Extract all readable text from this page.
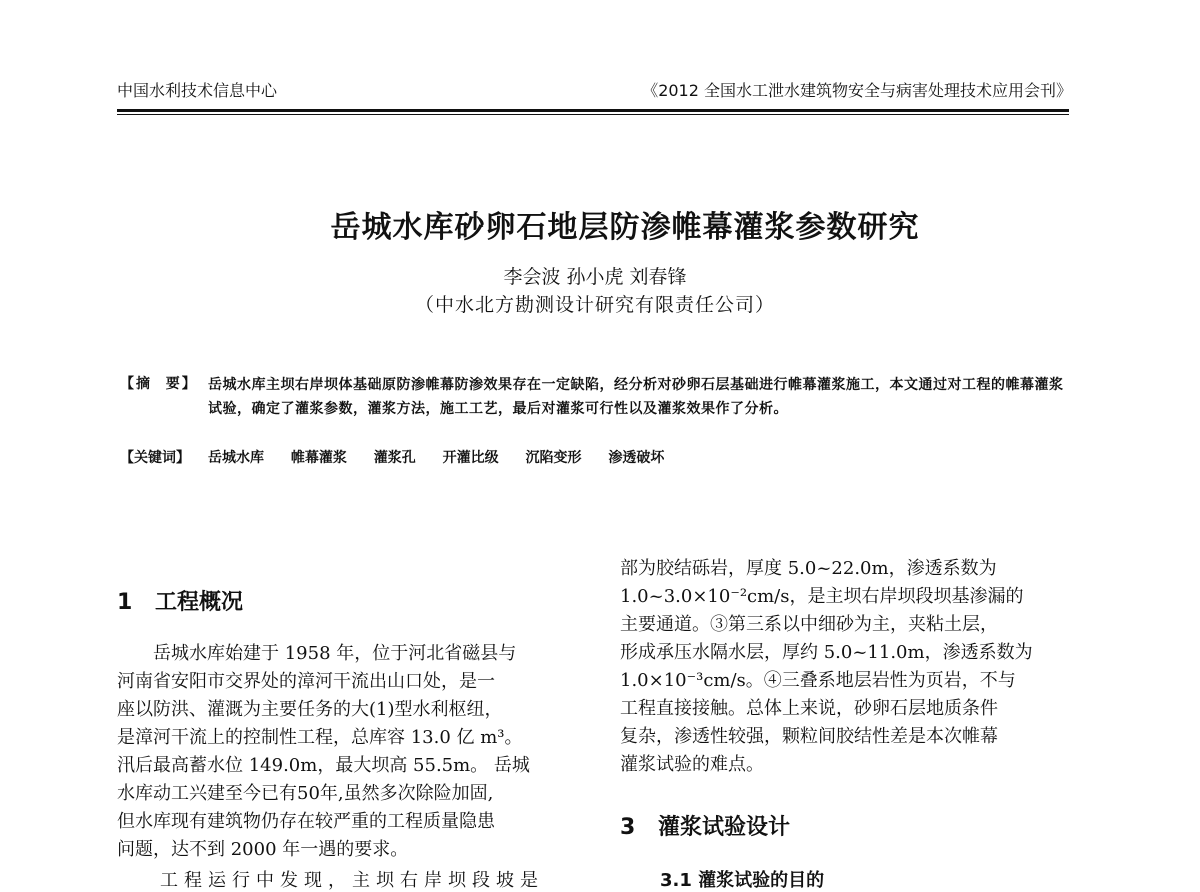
中国水利技术信息中心	《2012 全国水工泄水建筑物安全与病害处理技术应用会刊》
岳城水库砂卵石地层防渗帷幕灌浆参数研究
李会波 孙小虎 刘春锋
（中水北方勘测设计研究有限责任公司）
【摘  要】 岳城水库主坝右岸坝体基础原防渗帷幕防渗效果存在一定缺陷，经分析对砂卵石层基础进行帷幕灌浆施工，本文通过对工程的帷幕灌浆试验，确定了灌浆参数，灌浆方法，施工工艺，最后对灌浆可行性以及灌浆效果作了分析。
【关键词】 岳城水库 帷幕灌浆 灌浆孔 开灌比级 沉陷变形 渗透破坏
1 工程概况
　　岳城水库始建于 1958 年，位于河北省磁县与
河南省安阳市交界处的漳河干流出山口处，是一
座以防洪、灌溉为主要任务的大(1)型水利枢纽，
是漳河干流上的控制性工程，总库容 13.0 亿 m³。
汛后最高蓄水位 149.0m，最大坝高 55.5m。 岳城
水库动工兴建至今已有50年,虽然多次除险加固,
但水库现有建筑物仍存在较严重的工程质量隐患
问题，达不到 2000 年一遇的要求。
工程运行中发现，主坝右岸坝段坡是
部为胶结砾岩，厚度 5.0~22.0m，渗透系数为
1.0~3.0×10⁻²cm/s，是主坝右岸坝段坝基渗漏的
主要通道。③第三系以中细砂为主，夹粘土层，
形成承压水隔水层，厚约 5.0~11.0m，渗透系数为
1.0×10⁻³cm/s。④三叠系地层岩性为页岩，不与
工程直接接触。总体上来说，砂卵石层地质条件
复杂，渗透性较强，颗粒间胶结性差是本次帷幕
灌浆试验的难点。
3 灌浆试验设计
3.1 灌浆试验的目的
